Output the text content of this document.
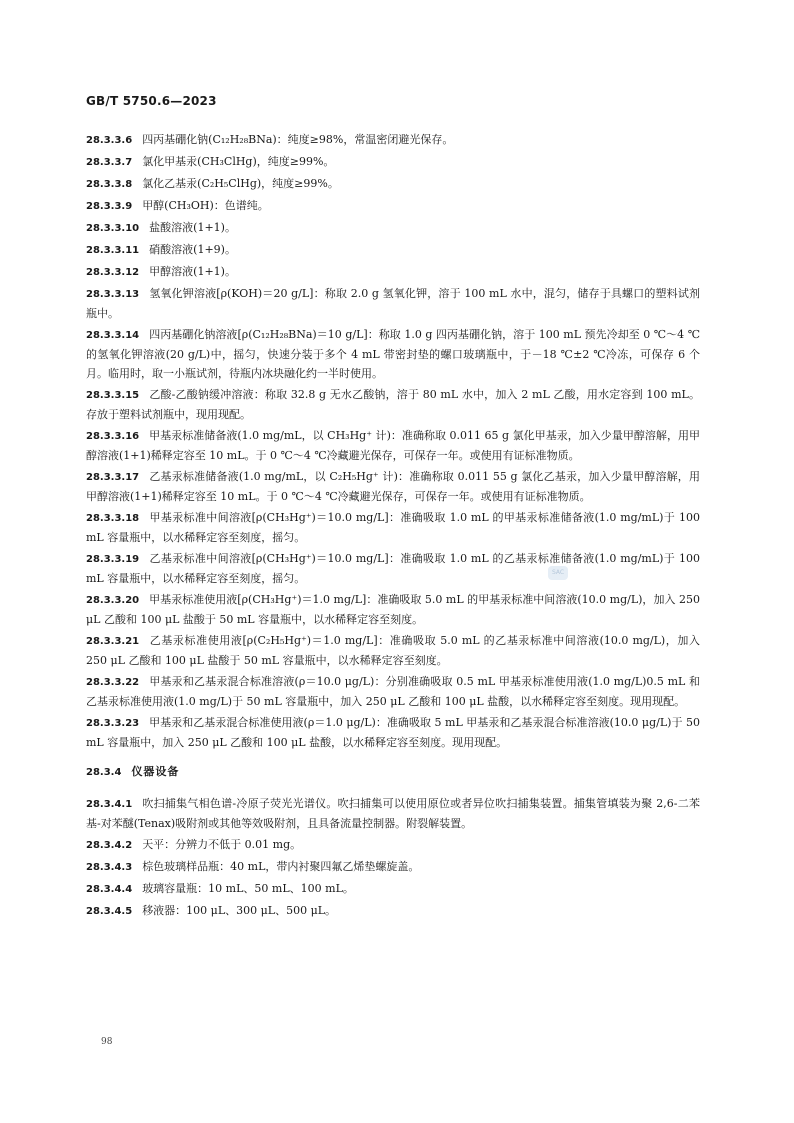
GB/T 5750.6—2023

28.3.3.6 四丙基硼化钠(C₁₂H₂₈BNa)：纯度≥98%，常温密闭避光保存。

28.3.3.7 氯化甲基汞(CH₃ClHg)，纯度≥99%。

28.3.3.8 氯化乙基汞(C₂H₅ClHg)，纯度≥99%。

28.3.3.9 甲醇(CH₃OH)：色谱纯。

28.3.3.10 盐酸溶液(1+1)。

28.3.3.11 硝酸溶液(1+9)。

28.3.3.12 甲醇溶液(1+1)。

28.3.3.13 氢氧化钾溶液[ρ(KOH)＝20 g/L]：称取 2.0 g 氢氧化钾，溶于 100 mL 水中，混匀，储存于具螺口的塑料试剂瓶中。

28.3.3.14 四丙基硼化钠溶液[ρ(C₁₂H₂₈BNa)＝10 g/L]：称取 1.0 g 四丙基硼化钠，溶于 100 mL 预先冷却至 0 ℃～4 ℃的氢氧化钾溶液(20 g/L)中，摇匀，快速分装于多个 4 mL 带密封垫的螺口玻璃瓶中，于－18 ℃±2 ℃冷冻，可保存 6 个月。临用时，取一小瓶试剂，待瓶内冰块融化约一半时使用。

28.3.3.15 乙酸-乙酸钠缓冲溶液：称取 32.8 g 无水乙酸钠，溶于 80 mL 水中，加入 2 mL 乙酸，用水定容到 100 mL。存放于塑料试剂瓶中，现用现配。

28.3.3.16 甲基汞标准储备液(1.0 mg/mL，以 CH₃Hg⁺ 计)：准确称取 0.011 65 g 氯化甲基汞，加入少量甲醇溶解，用甲醇溶液(1+1)稀释定容至 10 mL。于 0 ℃～4 ℃冷藏避光保存，可保存一年。或使用有证标准物质。

28.3.3.17 乙基汞标准储备液(1.0 mg/mL，以 C₂H₅Hg⁺ 计)：准确称取 0.011 55 g 氯化乙基汞，加入少量甲醇溶解，用甲醇溶液(1+1)稀释定容至 10 mL。于 0 ℃～4 ℃冷藏避光保存，可保存一年。或使用有证标准物质。

28.3.3.18 甲基汞标准中间溶液[ρ(CH₃Hg⁺)＝10.0 mg/L]：准确吸取 1.0 mL 的甲基汞标准储备液(1.0 mg/mL)于 100 mL 容量瓶中，以水稀释定容至刻度，摇匀。

28.3.3.19 乙基汞标准中间溶液[ρ(CH₃Hg⁺)＝10.0 mg/L]：准确吸取 1.0 mL 的乙基汞标准储备液(1.0 mg/mL)于 100 mL 容量瓶中，以水稀释定容至刻度，摇匀。

28.3.3.20 甲基汞标准使用液[ρ(CH₃Hg⁺)＝1.0 mg/L]：准确吸取 5.0 mL 的甲基汞标准中间溶液(10.0 mg/L)，加入 250 μL 乙酸和 100 μL 盐酸于 50 mL 容量瓶中，以水稀释定容至刻度。

28.3.3.21 乙基汞标准使用液[ρ(C₂H₅Hg⁺)＝1.0 mg/L]：准确吸取 5.0 mL 的乙基汞标准中间溶液(10.0 mg/L)，加入 250 μL 乙酸和 100 μL 盐酸于 50 mL 容量瓶中，以水稀释定容至刻度。

28.3.3.22 甲基汞和乙基汞混合标准溶液(ρ＝10.0 μg/L)：分别准确吸取 0.5 mL 甲基汞标准使用液(1.0 mg/L)0.5 mL 和乙基汞标准使用液(1.0 mg/L)于 50 mL 容量瓶中，加入 250 μL 乙酸和 100 μL 盐酸，以水稀释定容至刻度。现用现配。

28.3.3.23 甲基汞和乙基汞混合标准使用液(ρ＝1.0 μg/L)：准确吸取 5 mL 甲基汞和乙基汞混合标准溶液(10.0 μg/L)于 50 mL 容量瓶中，加入 250 μL 乙酸和 100 μL 盐酸，以水稀释定容至刻度。现用现配。

28.3.4 仪器设备

28.3.4.1 吹扫捕集气相色谱-冷原子荧光光谱仪。吹扫捕集可以使用原位或者异位吹扫捕集装置。捕集管填装为聚 2,6-二苯基-对苯醚(Tenax)吸附剂或其他等效吸附剂，且具备流量控制器。附裂解装置。

28.3.4.2 天平：分辨力不低于 0.01 mg。

28.3.4.3 棕色玻璃样品瓶：40 mL，带内衬聚四氟乙烯垫螺旋盖。

28.3.4.4 玻璃容量瓶：10 mL、50 mL、100 mL。

28.3.4.5 移液器：100 μL、300 μL、500 μL。

SAC
98
